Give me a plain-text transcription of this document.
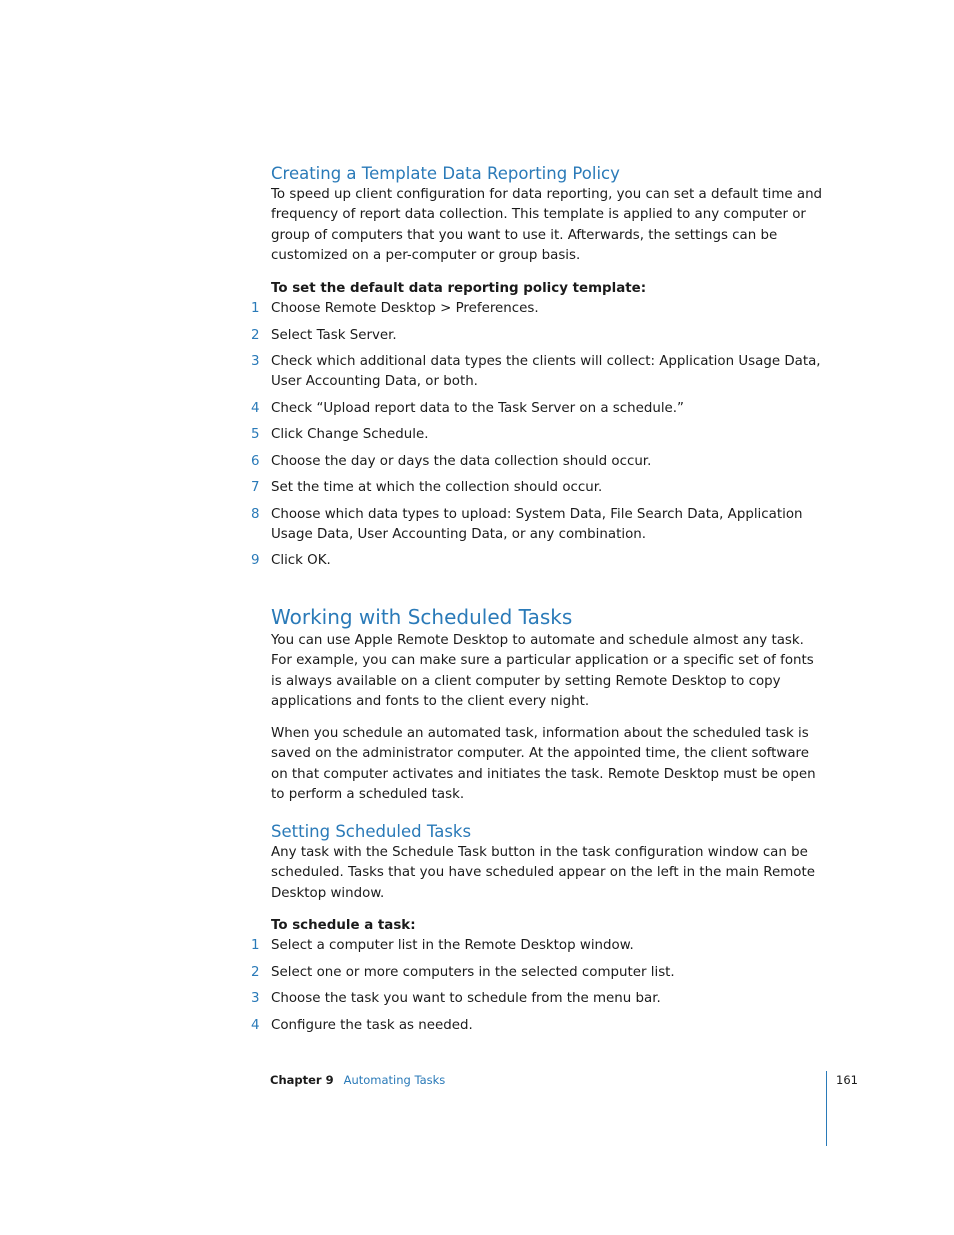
Creating a Template Data Reporting Policy

To speed up client configuration for data reporting, you can set a default time and frequency of report data collection. This template is applied to any computer or group of computers that you want to use it. Afterwards, the settings can be customized on a per-computer or group basis.

To set the default data reporting policy template:

1 Choose Remote Desktop > Preferences.
2 Select Task Server.
3 Check which additional data types the clients will collect: Application Usage Data, User Accounting Data, or both.
4 Check “Upload report data to the Task Server on a schedule.”
5 Click Change Schedule.
6 Choose the day or days the data collection should occur.
7 Set the time at which the collection should occur.
8 Choose which data types to upload: System Data, File Search Data, Application Usage Data, User Accounting Data, or any combination.
9 Click OK.
Working with Scheduled Tasks

You can use Apple Remote Desktop to automate and schedule almost any task. For example, you can make sure a particular application or a specific set of fonts is always available on a client computer by setting Remote Desktop to copy applications and fonts to the client every night.

When you schedule an automated task, information about the scheduled task is saved on the administrator computer. At the appointed time, the client software on that computer activates and initiates the task. Remote Desktop must be open to perform a scheduled task.

Setting Scheduled Tasks

Any task with the Schedule Task button in the task configuration window can be scheduled. Tasks that you have scheduled appear on the left in the main Remote Desktop window.

To schedule a task:

1 Select a computer list in the Remote Desktop window.
2 Select one or more computers in the selected computer list.
3 Choose the task you want to schedule from the menu bar.
4 Configure the task as needed.
Chapter 9 Automating Tasks	161
